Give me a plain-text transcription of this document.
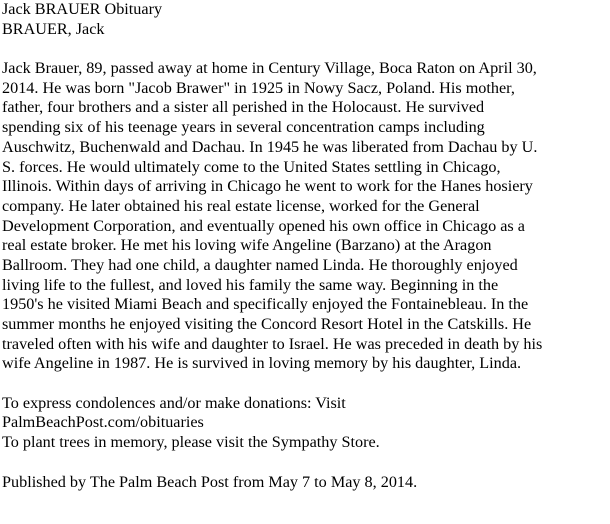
Jack BRAUER Obituary
BRAUER, Jack
Jack Brauer, 89, passed away at home in Century Village, Boca Raton on April 30,
2014. He was born "Jacob Brawer" in 1925 in Nowy Sacz, Poland. His mother,
father, four brothers and a sister all perished in the Holocaust. He survived
spending six of his teenage years in several concentration camps including
Auschwitz, Buchenwald and Dachau. In 1945 he was liberated from Dachau by U.
S. forces. He would ultimately come to the United States settling in Chicago,
Illinois. Within days of arriving in Chicago he went to work for the Hanes hosiery
company. He later obtained his real estate license, worked for the General
Development Corporation, and eventually opened his own office in Chicago as a
real estate broker. He met his loving wife Angeline (Barzano) at the Aragon
Ballroom. They had one child, a daughter named Linda. He thoroughly enjoyed
living life to the fullest, and loved his family the same way. Beginning in the
1950's he visited Miami Beach and specifically enjoyed the Fontainebleau. In the
summer months he enjoyed visiting the Concord Resort Hotel in the Catskills. He
traveled often with his wife and daughter to Israel. He was preceded in death by his
wife Angeline in 1987. He is survived in loving memory by his daughter, Linda.
To express condolences and/or make donations: Visit
PalmBeachPost.com/obituaries
To plant trees in memory, please visit the Sympathy Store.
Published by The Palm Beach Post from May 7 to May 8, 2014.
